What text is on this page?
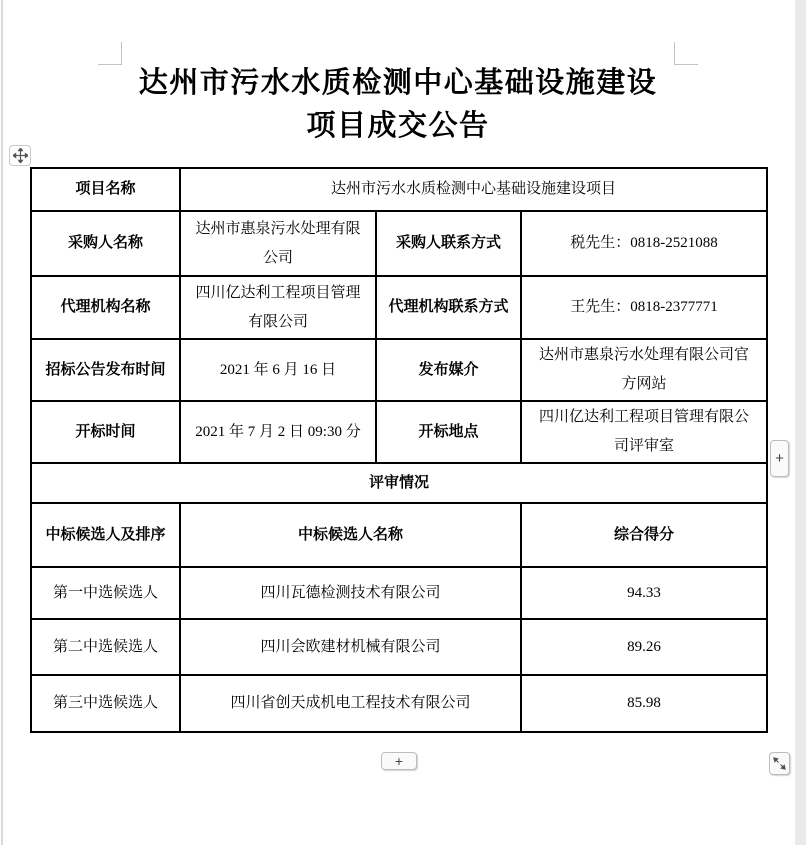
达州市污水水质检测中心基础设施建设
项目成交公告
项目名称	达州市污水水质检测中心基础设施建设项目		
采购人名称	达州市惠泉污水处理有限公司	采购人联系方式	税先生：0818-2521088
代理机构名称	四川亿达利工程项目管理有限公司	代理机构联系方式	王先生：0818-2377771
招标公告发布时间	2021 年 6 月 16 日	发布媒介	达州市惠泉污水处理有限公司官方网站
开标时间	2021 年 7 月 2 日 09:30 分	开标地点	四川亿达利工程项目管理有限公司评审室
评审情况			
中标候选人及排序	中标候选人名称		综合得分
第一中选候选人	四川瓦德检测技术有限公司		94.33
第二中选候选人	四川会欧建材机械有限公司		89.26
第三中选候选人	四川省创天成机电工程技术有限公司		85.98
+
+
